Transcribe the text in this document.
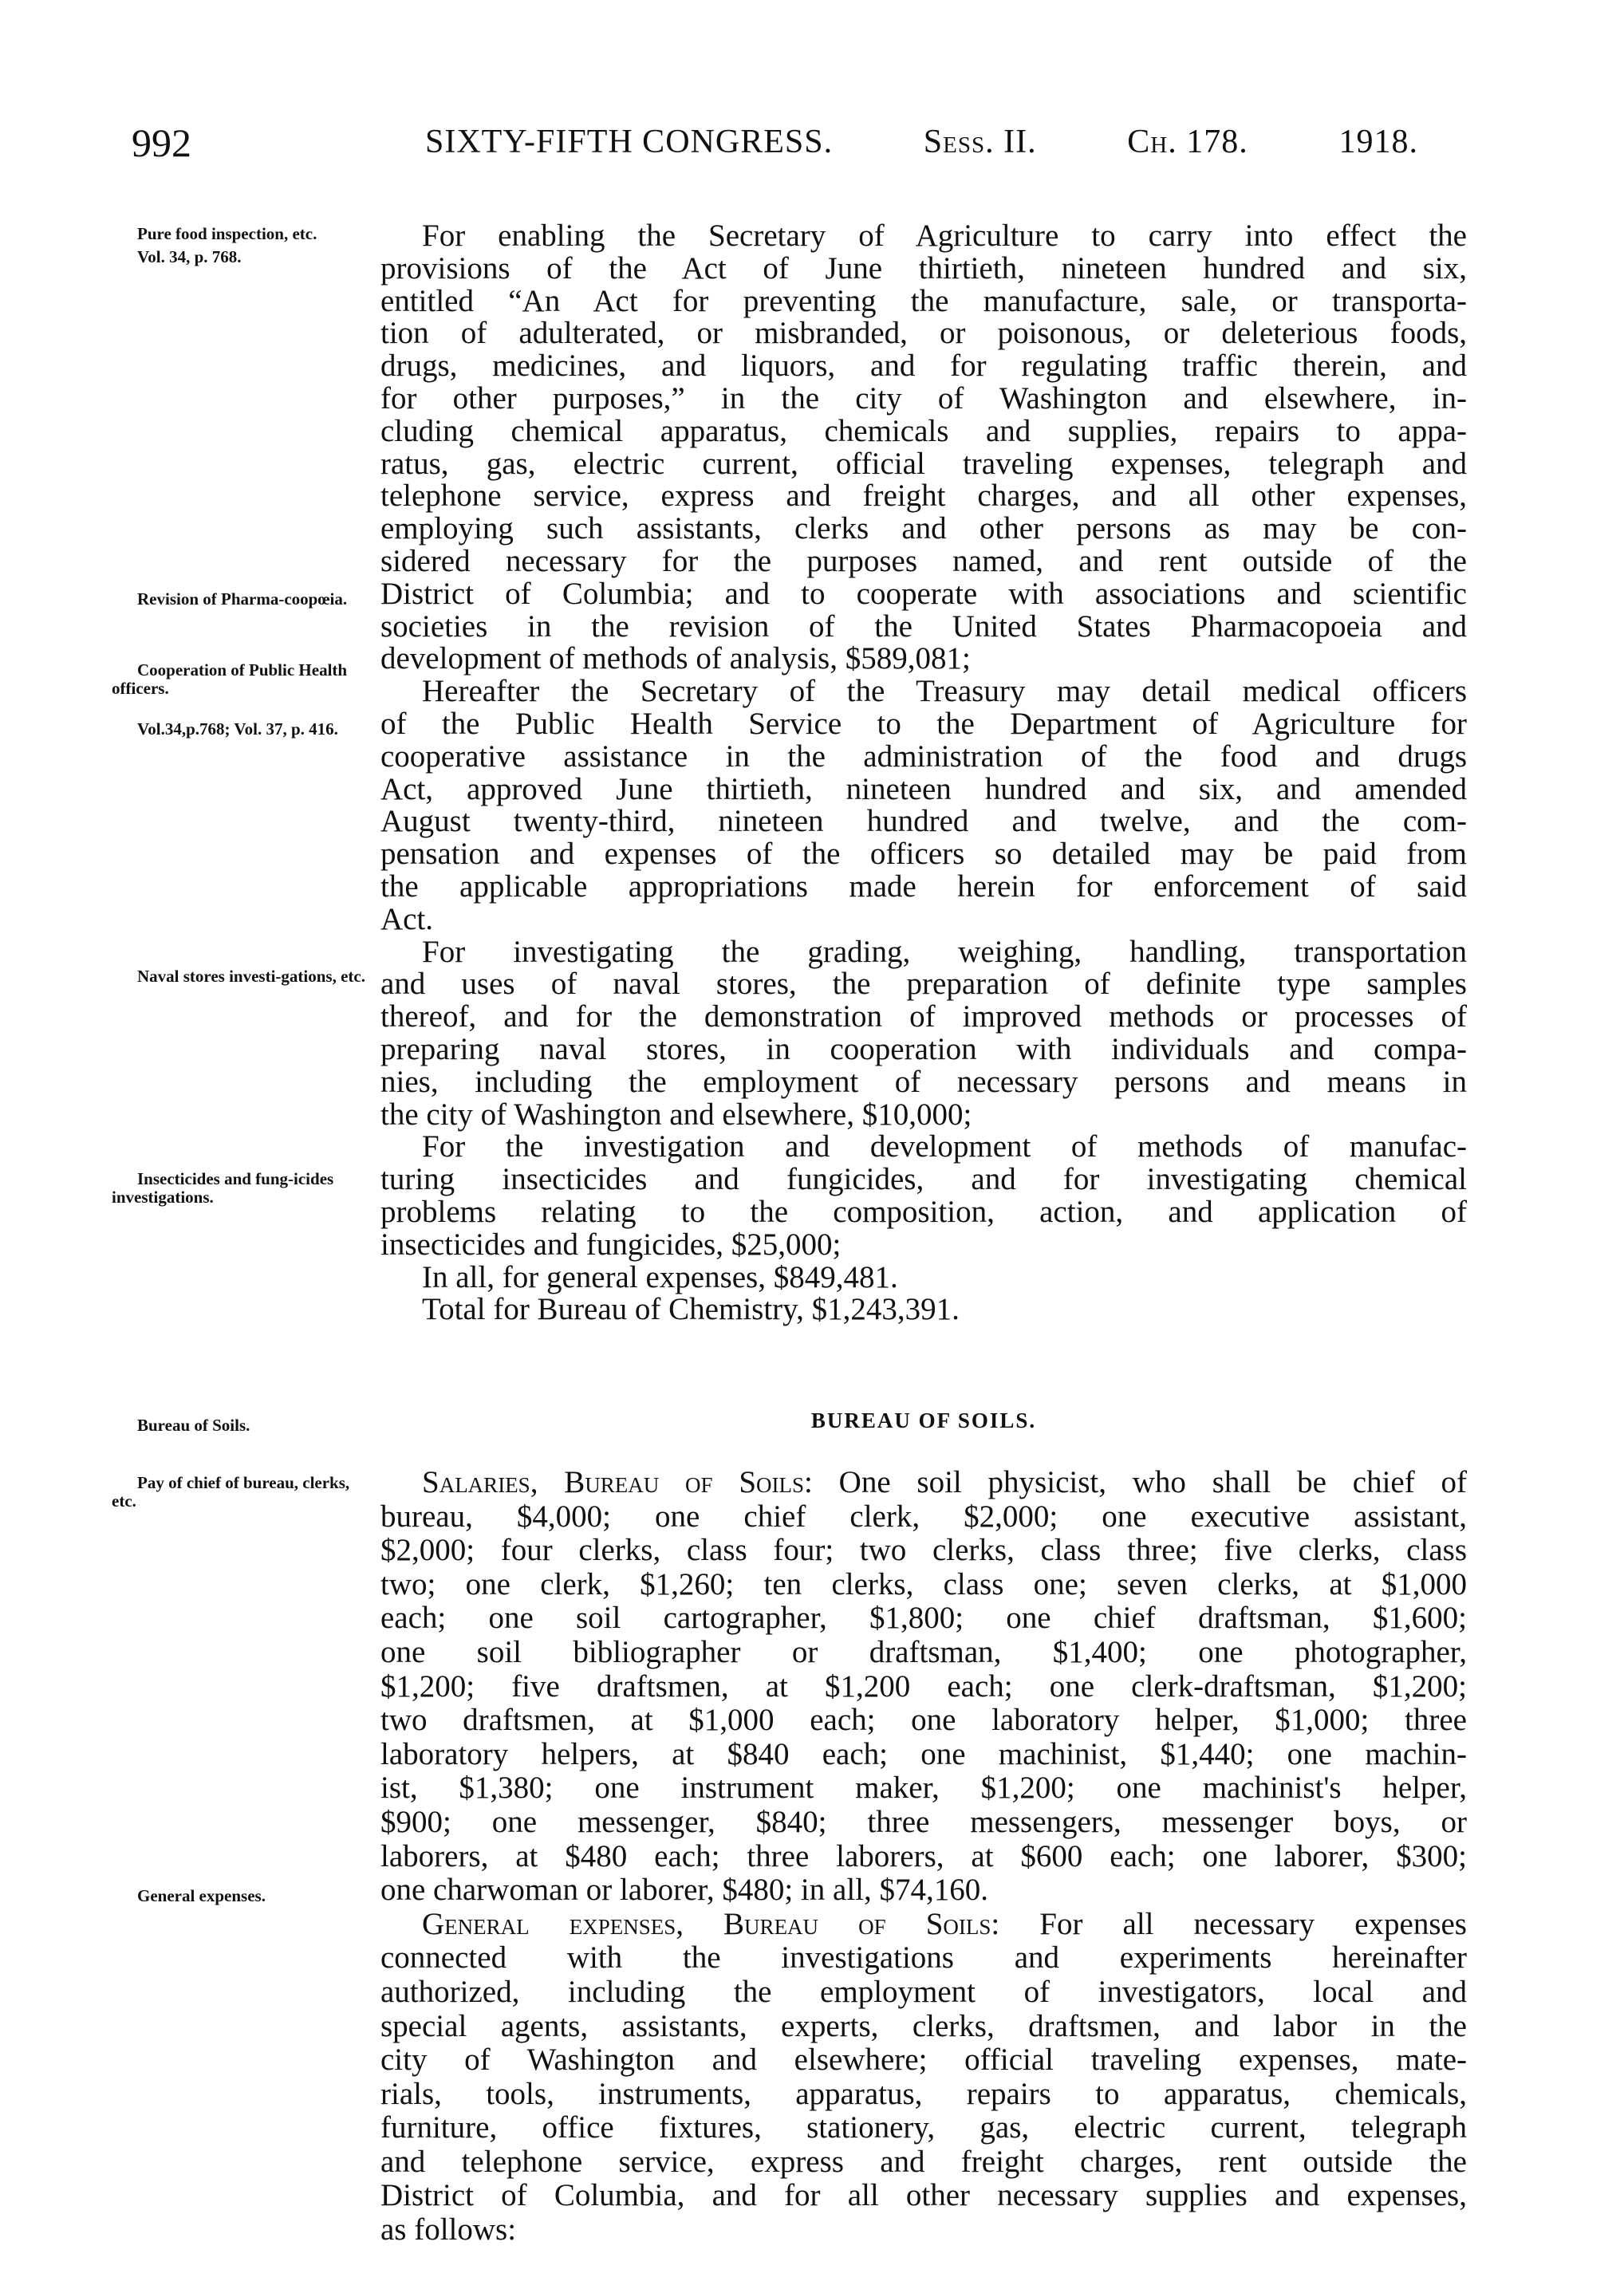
992	SIXTY-FIFTH CONGRESS.	Sess. II.	Ch. 178.	1918.
Pure food inspection, etc.
Vol. 34, p. 768.
Revision of Pharma-coopœia.
Cooperation of Public Health officers.
Vol.34,p.768; Vol. 37, p. 416.
Naval stores investi-gations, etc.
Insecticides and fung-icides investigations.
Bureau of Soils.
Pay of chief of bureau, clerks, etc.
General expenses.
For enabling the Secretary of Agriculture to carry into effect the
provisions of the Act of June thirtieth, nineteen hundred and six,
entitled “An Act for preventing the manufacture, sale, or transporta-
tion of adulterated, or misbranded, or poisonous, or deleterious foods,
drugs, medicines, and liquors, and for regulating traffic therein, and
for other purposes,” in the city of Washington and elsewhere, in-
cluding chemical apparatus, chemicals and supplies, repairs to appa-
ratus, gas, electric current, official traveling expenses, telegraph and
telephone service, express and freight charges, and all other expenses,
employing such assistants, clerks and other persons as may be con-
sidered necessary for the purposes named, and rent outside of the
District of Columbia; and to cooperate with associations and scientific
societies in the revision of the United States Pharmacopoeia and
development of methods of analysis, $589,081;
Hereafter the Secretary of the Treasury may detail medical officers
of the Public Health Service to the Department of Agriculture for
cooperative assistance in the administration of the food and drugs
Act, approved June thirtieth, nineteen hundred and six, and amended
August twenty-third, nineteen hundred and twelve, and the com-
pensation and expenses of the officers so detailed may be paid from
the applicable appropriations made herein for enforcement of said
Act.
For investigating the grading, weighing, handling, transportation
and uses of naval stores, the preparation of definite type samples
thereof, and for the demonstration of improved methods or processes of
preparing naval stores, in cooperation with individuals and compa-
nies, including the employment of necessary persons and means in
the city of Washington and elsewhere, $10,000;
For the investigation and development of methods of manufac-
turing insecticides and fungicides, and for investigating chemical
problems relating to the composition, action, and application of
insecticides and fungicides, $25,000;
In all, for general expenses, $849,481.
Total for Bureau of Chemistry, $1,243,391.
BUREAU OF SOILS.
Salaries, Bureau of Soils: One soil physicist, who shall be chief of
bureau, $4,000; one chief clerk, $2,000; one executive assistant,
$2,000; four clerks, class four; two clerks, class three; five clerks, class
two; one clerk, $1,260; ten clerks, class one; seven clerks, at $1,000
each; one soil cartographer, $1,800; one chief draftsman, $1,600;
one soil bibliographer or draftsman, $1,400; one photographer,
$1,200; five draftsmen, at $1,200 each; one clerk-draftsman, $1,200;
two draftsmen, at $1,000 each; one laboratory helper, $1,000; three
laboratory helpers, at $840 each; one machinist, $1,440; one machin-
ist, $1,380; one instrument maker, $1,200; one machinist's helper,
$900; one messenger, $840; three messengers, messenger boys, or
laborers, at $480 each; three laborers, at $600 each; one laborer, $300;
one charwoman or laborer, $480; in all, $74,160.
General expenses, Bureau of Soils: For all necessary expenses
connected with the investigations and experiments hereinafter
authorized, including the employment of investigators, local and
special agents, assistants, experts, clerks, draftsmen, and labor in the
city of Washington and elsewhere; official traveling expenses, mate-
rials, tools, instruments, apparatus, repairs to apparatus, chemicals,
furniture, office fixtures, stationery, gas, electric current, telegraph
and telephone service, express and freight charges, rent outside the
District of Columbia, and for all other necessary supplies and expenses,
as follows:
